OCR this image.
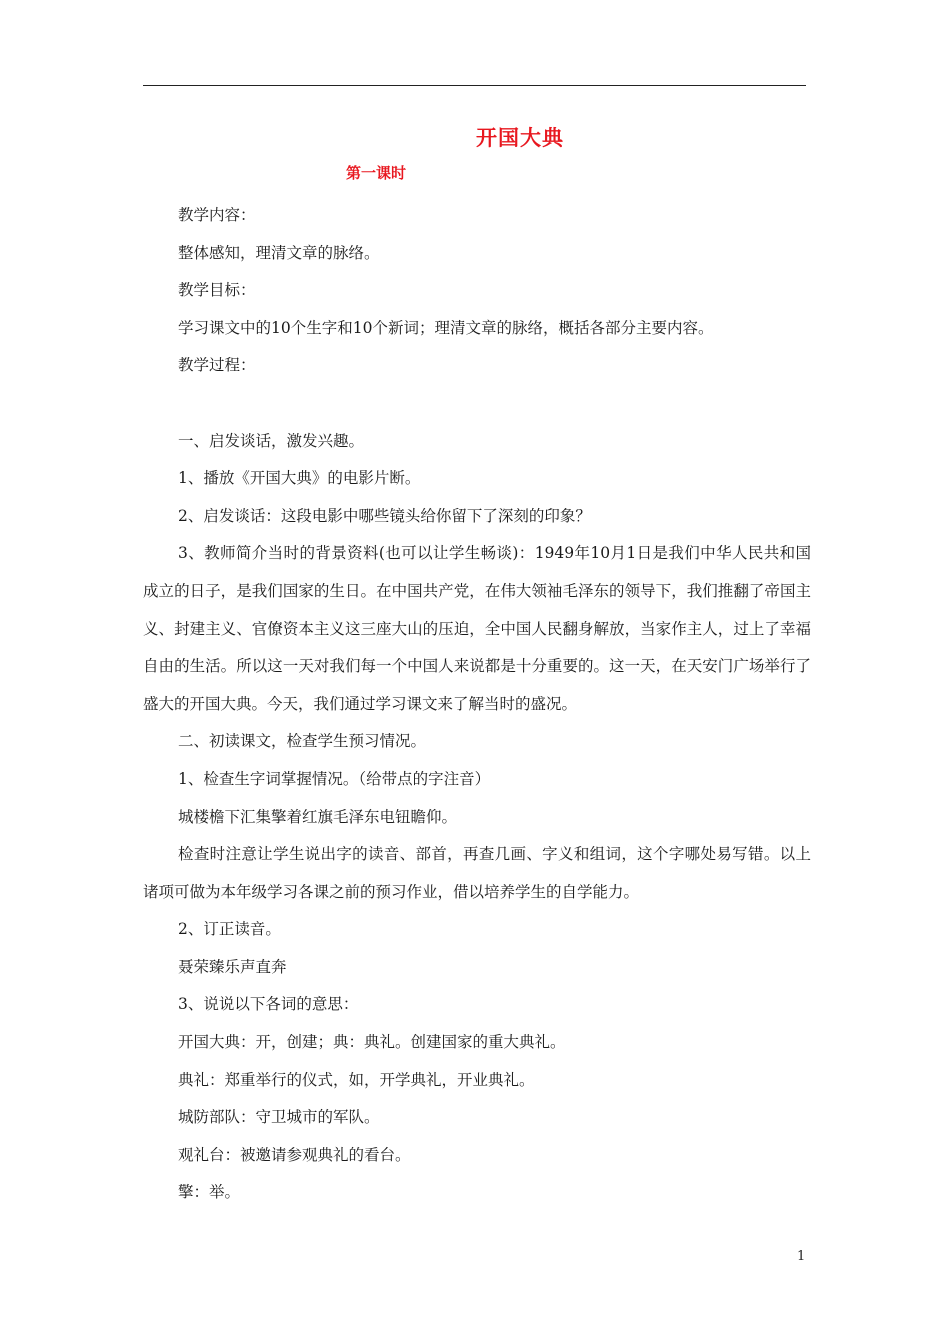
开国大典
第一课时

教学内容：

整体感知，理清文章的脉络。

教学目标：

学习课文中的10个生字和10个新词；理清文章的脉络，概括各部分主要内容。

教学过程：

一、启发谈话，激发兴趣。

1、播放《开国大典》的电影片断。

2、启发谈话：这段电影中哪些镜头给你留下了深刻的印象？

3、教师简介当时的背景资料(也可以让学生畅谈)：1949年10月1日是我们中华人民共和国成立的日子，是我们国家的生日。在中国共产党，在伟大领袖毛泽东的领导下，我们推翻了帝国主义、封建主义、官僚资本主义这三座大山的压迫，全中国人民翻身解放，当家作主人，过上了幸福自由的生活。所以这一天对我们每一个中国人来说都是十分重要的。这一天，在天安门广场举行了盛大的开国大典。今天，我们通过学习课文来了解当时的盛况。

二、初读课文，检查学生预习情况。

1、检查生字词掌握情况。（给带点的字注音）

城楼檐下汇集擎着红旗毛泽东电钮瞻仰。

检查时注意让学生说出字的读音、部首，再查几画、字义和组词，这个字哪处易写错。以上诸项可做为本年级学习各课之前的预习作业，借以培养学生的自学能力。

2、订正读音。

聂荣臻乐声直奔

3、说说以下各词的意思：

开国大典：开，创建；典：典礼。创建国家的重大典礼。

典礼：郑重举行的仪式，如，开学典礼，开业典礼。

城防部队：守卫城市的军队。

观礼台：被邀请参观典礼的看台。

擎：举。

1
